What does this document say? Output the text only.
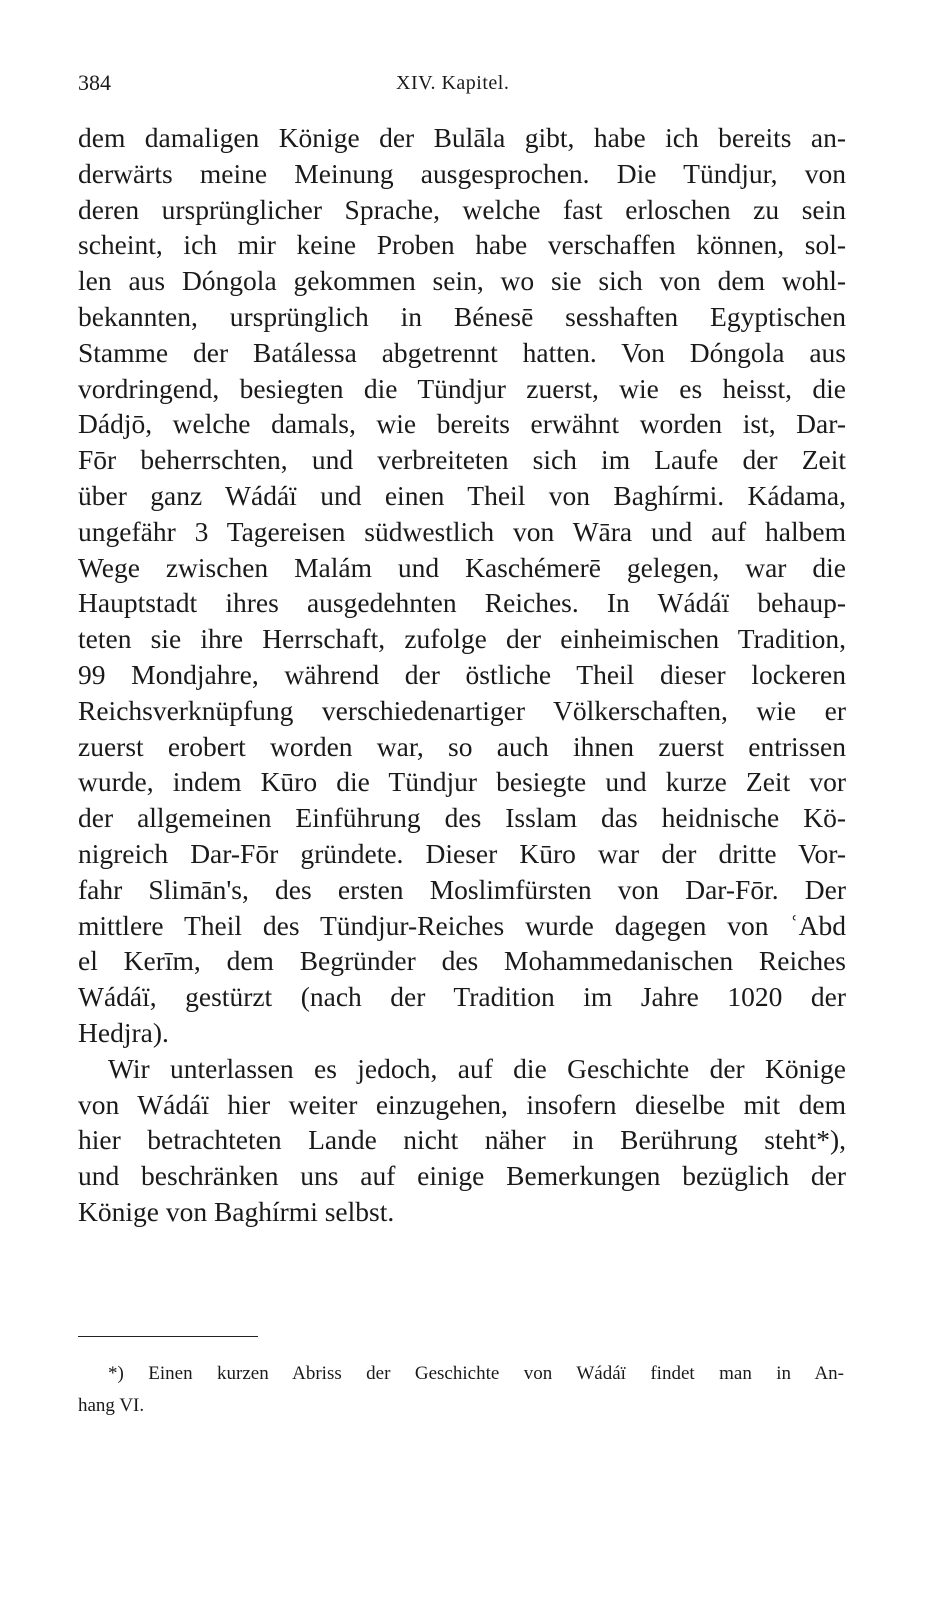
384	XIV. Kapitel.
dem damaligen Könige der Bulāla gibt, habe ich bereits an-
derwärts meine Meinung ausgesprochen. Die Tündjur, von
deren ursprünglicher Sprache, welche fast erloschen zu sein
scheint, ich mir keine Proben habe verschaffen können, sol-
len aus Dóngola gekommen sein, wo sie sich von dem wohl-
bekannten, ursprünglich in Bénesē sesshaften Egyptischen
Stamme der Batálessa abgetrennt hatten. Von Dóngola aus
vordringend, besiegten die Tündjur zuerst, wie es heisst, die
Dádjō, welche damals, wie bereits erwähnt worden ist, Dar-
Fōr beherrschten, und verbreiteten sich im Laufe der Zeit
über ganz Wádáï und einen Theil von Baghírmi. Kádama,
ungefähr 3 Tagereisen südwestlich von Wāra und auf halbem
Wege zwischen Malám und Kaschémerē gelegen, war die
Hauptstadt ihres ausgedehnten Reiches. In Wádáï behaup-
teten sie ihre Herrschaft, zufolge der einheimischen Tradition,
99 Mondjahre, während der östliche Theil dieser lockeren
Reichsverknüpfung verschiedenartiger Völkerschaften, wie er
zuerst erobert worden war, so auch ihnen zuerst entrissen
wurde, indem Kūro die Tündjur besiegte und kurze Zeit vor
der allgemeinen Einführung des Isslam das heidnische Kö-
nigreich Dar-Fōr gründete. Dieser Kūro war der dritte Vor-
fahr Slimān's, des ersten Moslimfürsten von Dar-Fōr. Der
mittlere Theil des Tündjur-Reiches wurde dagegen von ʿAbd
el Kerīm, dem Begründer des Mohammedanischen Reiches
Wádáï, gestürzt (nach der Tradition im Jahre 1020 der
Hedjra).
Wir unterlassen es jedoch, auf die Geschichte der Könige
von Wádáï hier weiter einzugehen, insofern dieselbe mit dem
hier betrachteten Lande nicht näher in Berührung steht*),
und beschränken uns auf einige Bemerkungen bezüglich der
Könige von Baghírmi selbst.
*) Einen kurzen Abriss der Geschichte von Wádáï findet man in An-
hang VI.
